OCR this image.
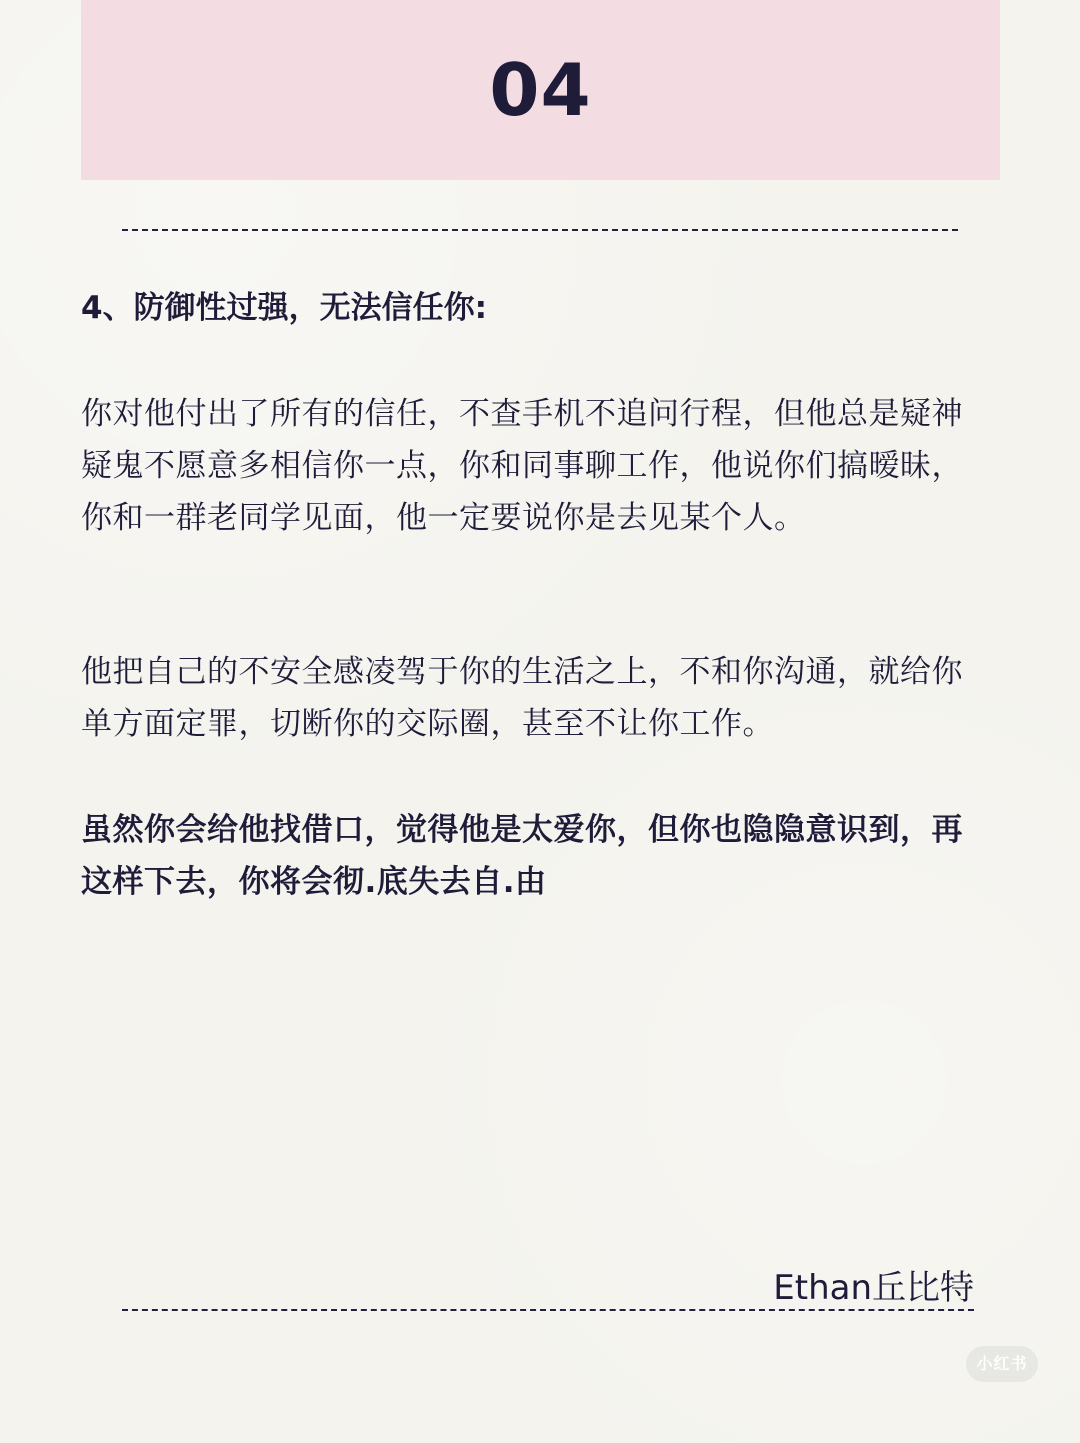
04
4、防御性过强，无法信任你:
你对他付出了所有的信任，不查手机不追问行程，但他总是疑神疑鬼不愿意多相信你一点，你和同事聊工作，他说你们搞暧昧，你和一群老同学见面，他一定要说你是去见某个人。
他把自己的不安全感凌驾于你的生活之上，不和你沟通，就给你单方面定罪，切断你的交际圈，甚至不让你工作。
虽然你会给他找借口，觉得他是太爱你，但你也隐隐意识到，再这样下去，你将会彻.底失去自.由
Ethan丘比特
小红书
